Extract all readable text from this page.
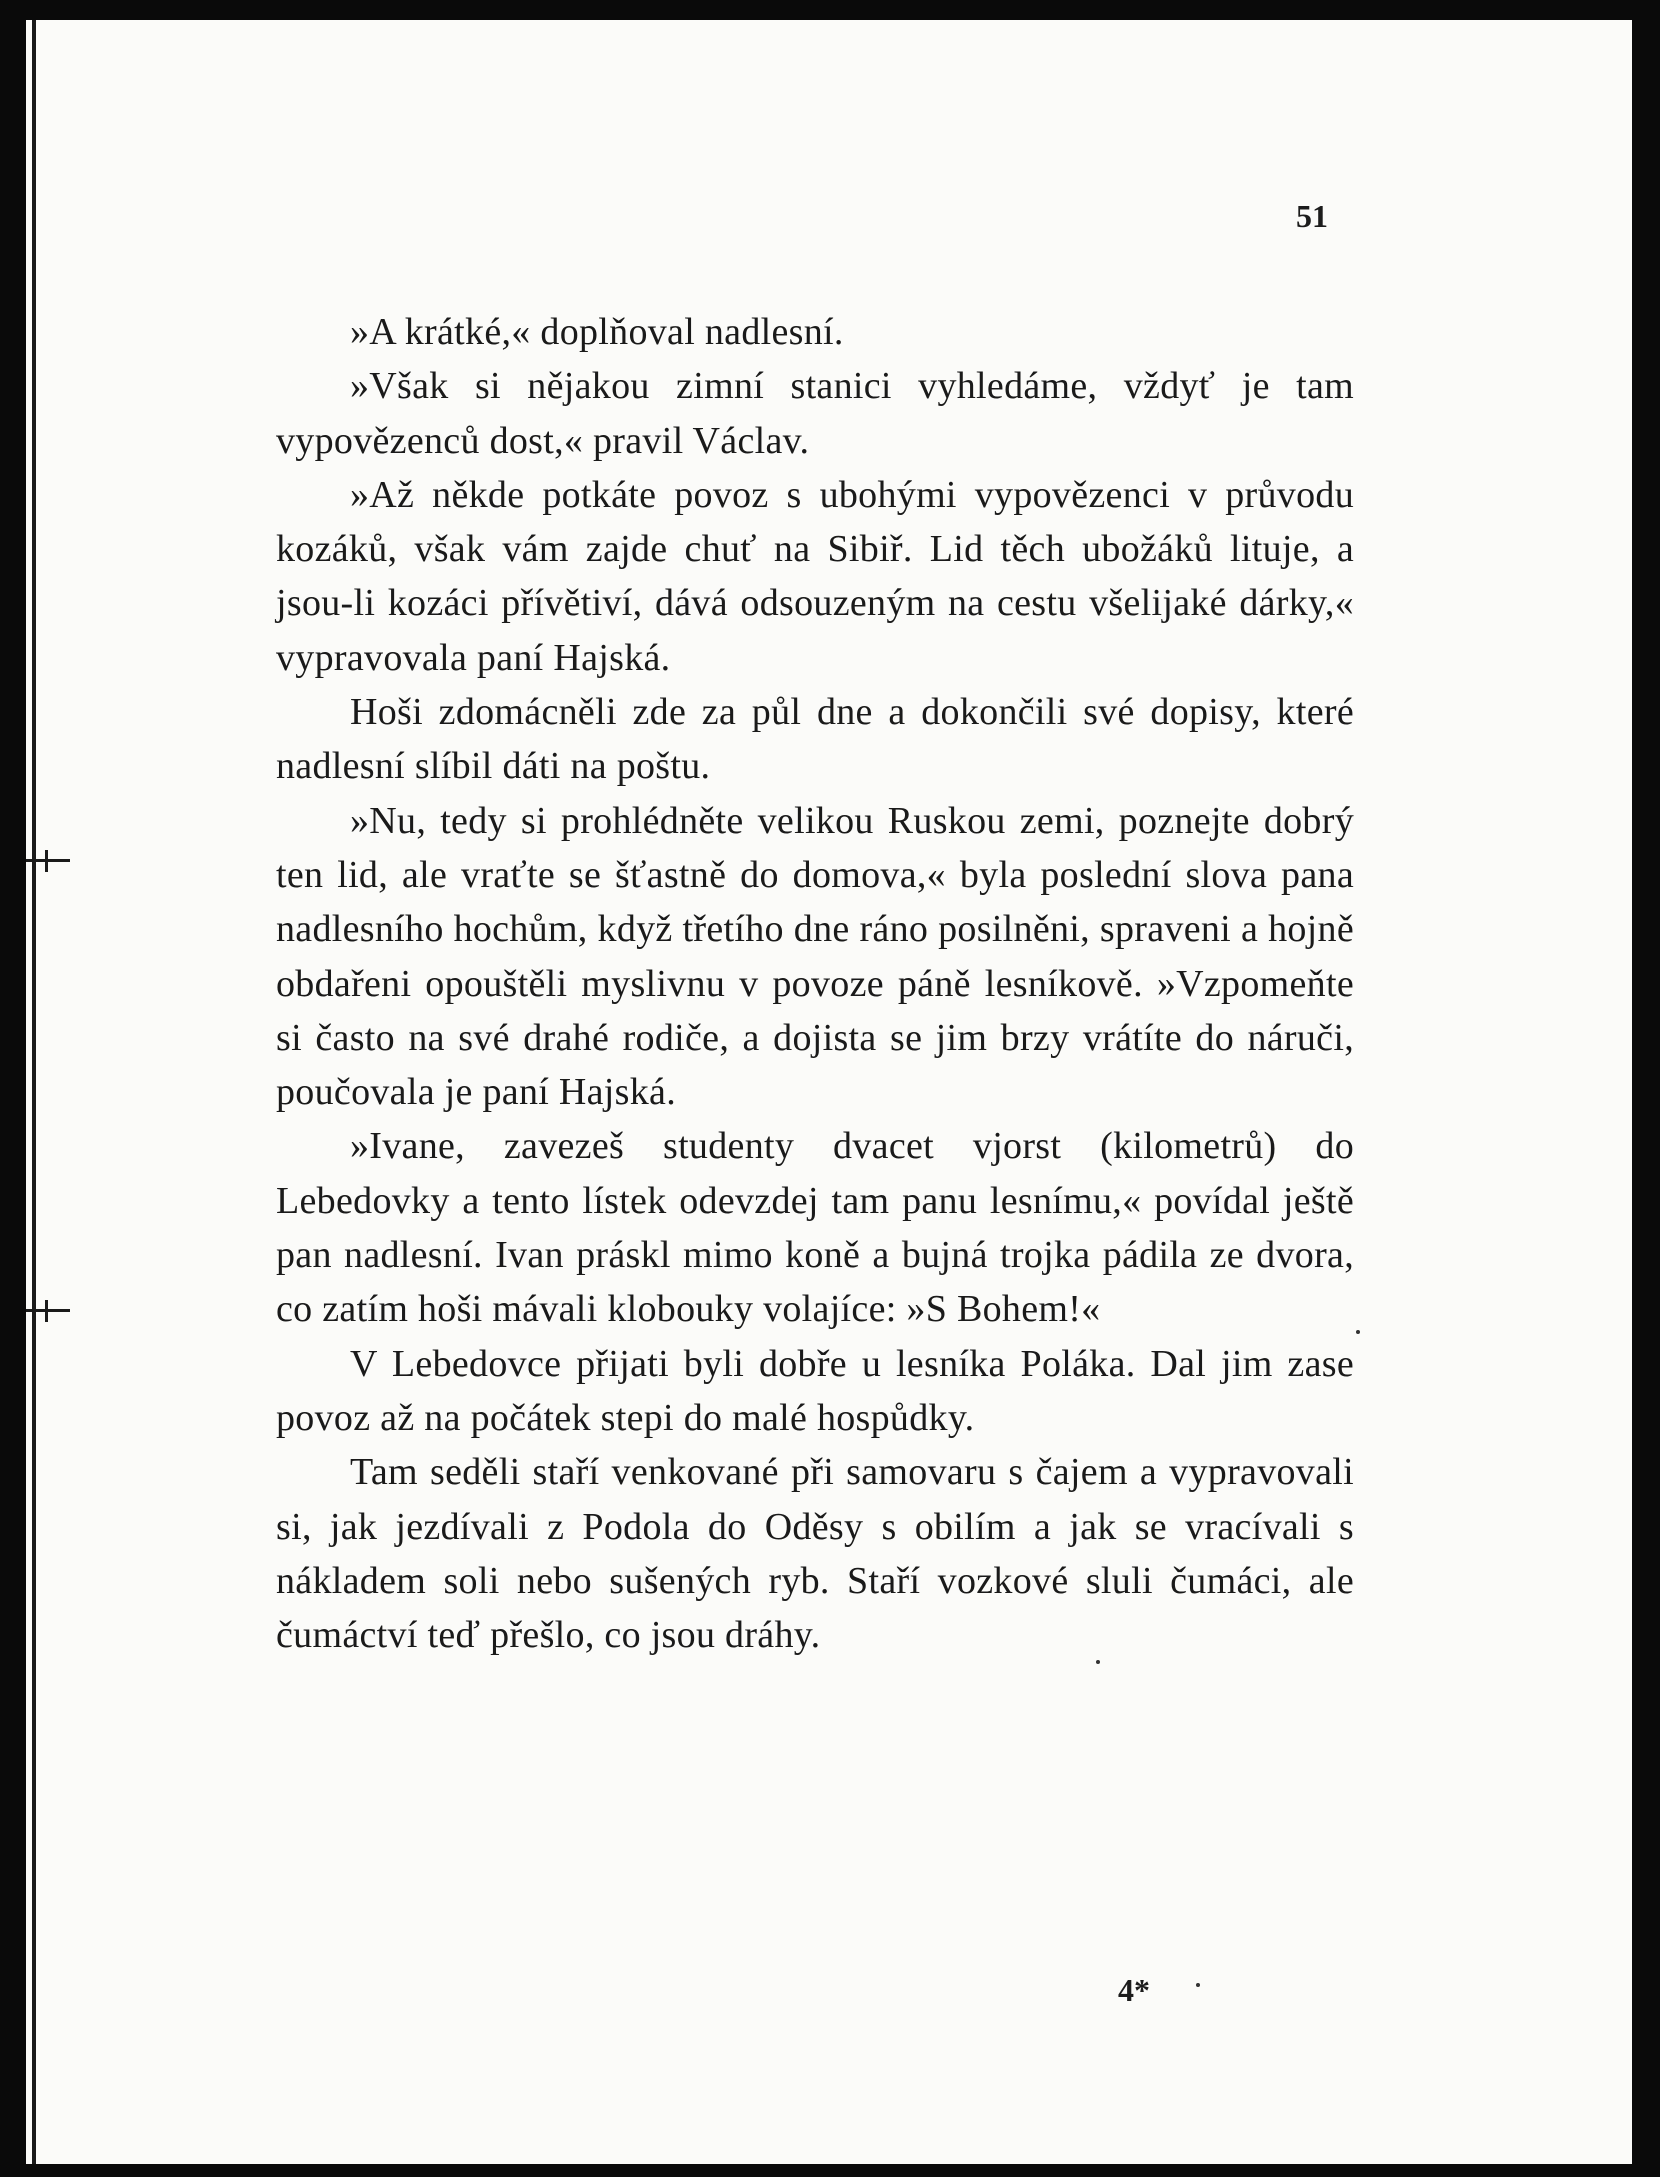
51

»A krátké,« doplňoval nadlesní.

»Však si nějakou zimní stanici vyhledáme, vždyť je tam vypovězenců dost,« pravil Václav.

»Až někde potkáte povoz s ubohými vypovězenci v průvodu kozáků, však vám zajde chuť na Sibiř. Lid těch ubožáků lituje, a jsou-li kozáci přívětiví, dává odsouzeným na cestu všelijaké dárky,« vypravovala paní Hajská.

Hoši zdomácněli zde za půl dne a dokončili své dopisy, které nadlesní slíbil dáti na poštu.

»Nu, tedy si prohlédněte velikou Ruskou zemi, poznejte dobrý ten lid, ale vraťte se šťastně do domova,« byla poslední slova pana nadlesního hochům, když třetího dne ráno posilněni, spraveni a hojně obdařeni opouštěli myslivnu v povoze páně lesníkově. »Vzpomeňte si často na své drahé rodiče, a dojista se jim brzy vrátíte do náruči, poučovala je paní Hajská.

»Ivane, zavezeš studenty dvacet vjorst (kilometrů) do Lebedovky a tento lístek odevzdej tam panu lesnímu,« povídal ještě pan nadlesní. Ivan práskl mimo koně a bujná trojka pádila ze dvora, co zatím hoši mávali klobouky volajíce: »S Bohem!«

V Lebedovce přijati byli dobře u lesníka Poláka. Dal jim zase povoz až na počátek stepi do malé hospůdky.

Tam seděli staří venkované při samovaru s čajem a vypravovali si, jak jezdívali z Podola do Oděsy s obilím a jak se vracívali s nákladem soli nebo sušených ryb. Staří vozkové sluli čumáci, ale čumáctví teď přešlo, co jsou dráhy.

4*
